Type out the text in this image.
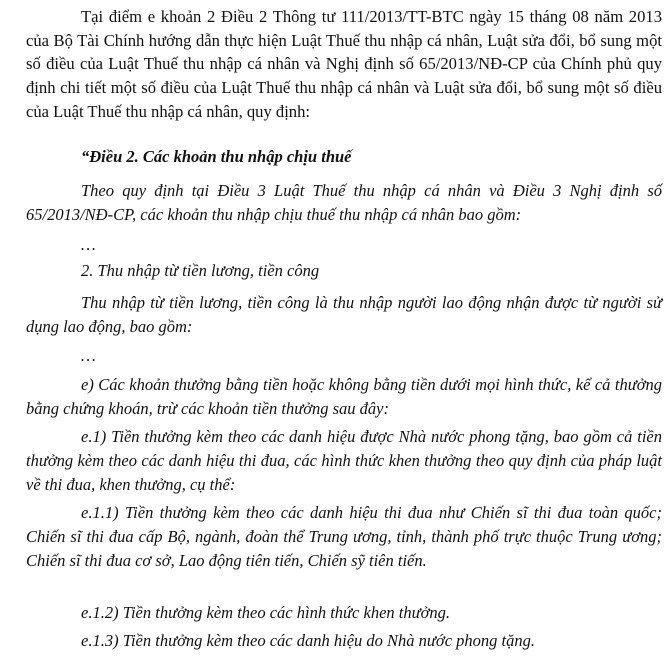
Tại điểm e khoản 2 Điều 2 Thông tư 111/2013/TT-BTC ngày 15 tháng 08 năm 2013 của Bộ Tài Chính hướng dẫn thực hiện Luật Thuế thu nhập cá nhân, Luật sửa đổi, bổ sung một số điều của Luật Thuế thu nhập cá nhân và Nghị định số 65/2013/NĐ-CP của Chính phủ quy định chi tiết một số điều của Luật Thuế thu nhập cá nhân và Luật sửa đổi, bổ sung một số điều của Luật Thuế thu nhập cá nhân, quy định:

“Điều 2. Các khoản thu nhập chịu thuế

Theo quy định tại Điều 3 Luật Thuế thu nhập cá nhân và Điều 3 Nghị định số 65/2013/NĐ-CP, các khoản thu nhập chịu thuế thu nhập cá nhân bao gồm:

…

2. Thu nhập từ tiền lương, tiền công

Thu nhập từ tiền lương, tiền công là thu nhập người lao động nhận được từ người sử dụng lao động, bao gồm:

…

e) Các khoản thưởng bằng tiền hoặc không bằng tiền dưới mọi hình thức, kể cả thưởng bằng chứng khoán, trừ các khoản tiền thưởng sau đây:

e.1) Tiền thưởng kèm theo các danh hiệu được Nhà nước phong tặng, bao gồm cả tiền thưởng kèm theo các danh hiệu thi đua, các hình thức khen thưởng theo quy định của pháp luật về thi đua, khen thưởng, cụ thể:

e.1.1) Tiền thưởng kèm theo các danh hiệu thi đua như Chiến sĩ thi đua toàn quốc; Chiến sĩ thi đua cấp Bộ, ngành, đoàn thể Trung ương, tỉnh, thành phố trực thuộc Trung ương; Chiến sĩ thi đua cơ sở, Lao động tiên tiến, Chiến sỹ tiên tiến.

e.1.2) Tiền thưởng kèm theo các hình thức khen thưởng.

e.1.3) Tiền thưởng kèm theo các danh hiệu do Nhà nước phong tặng.
